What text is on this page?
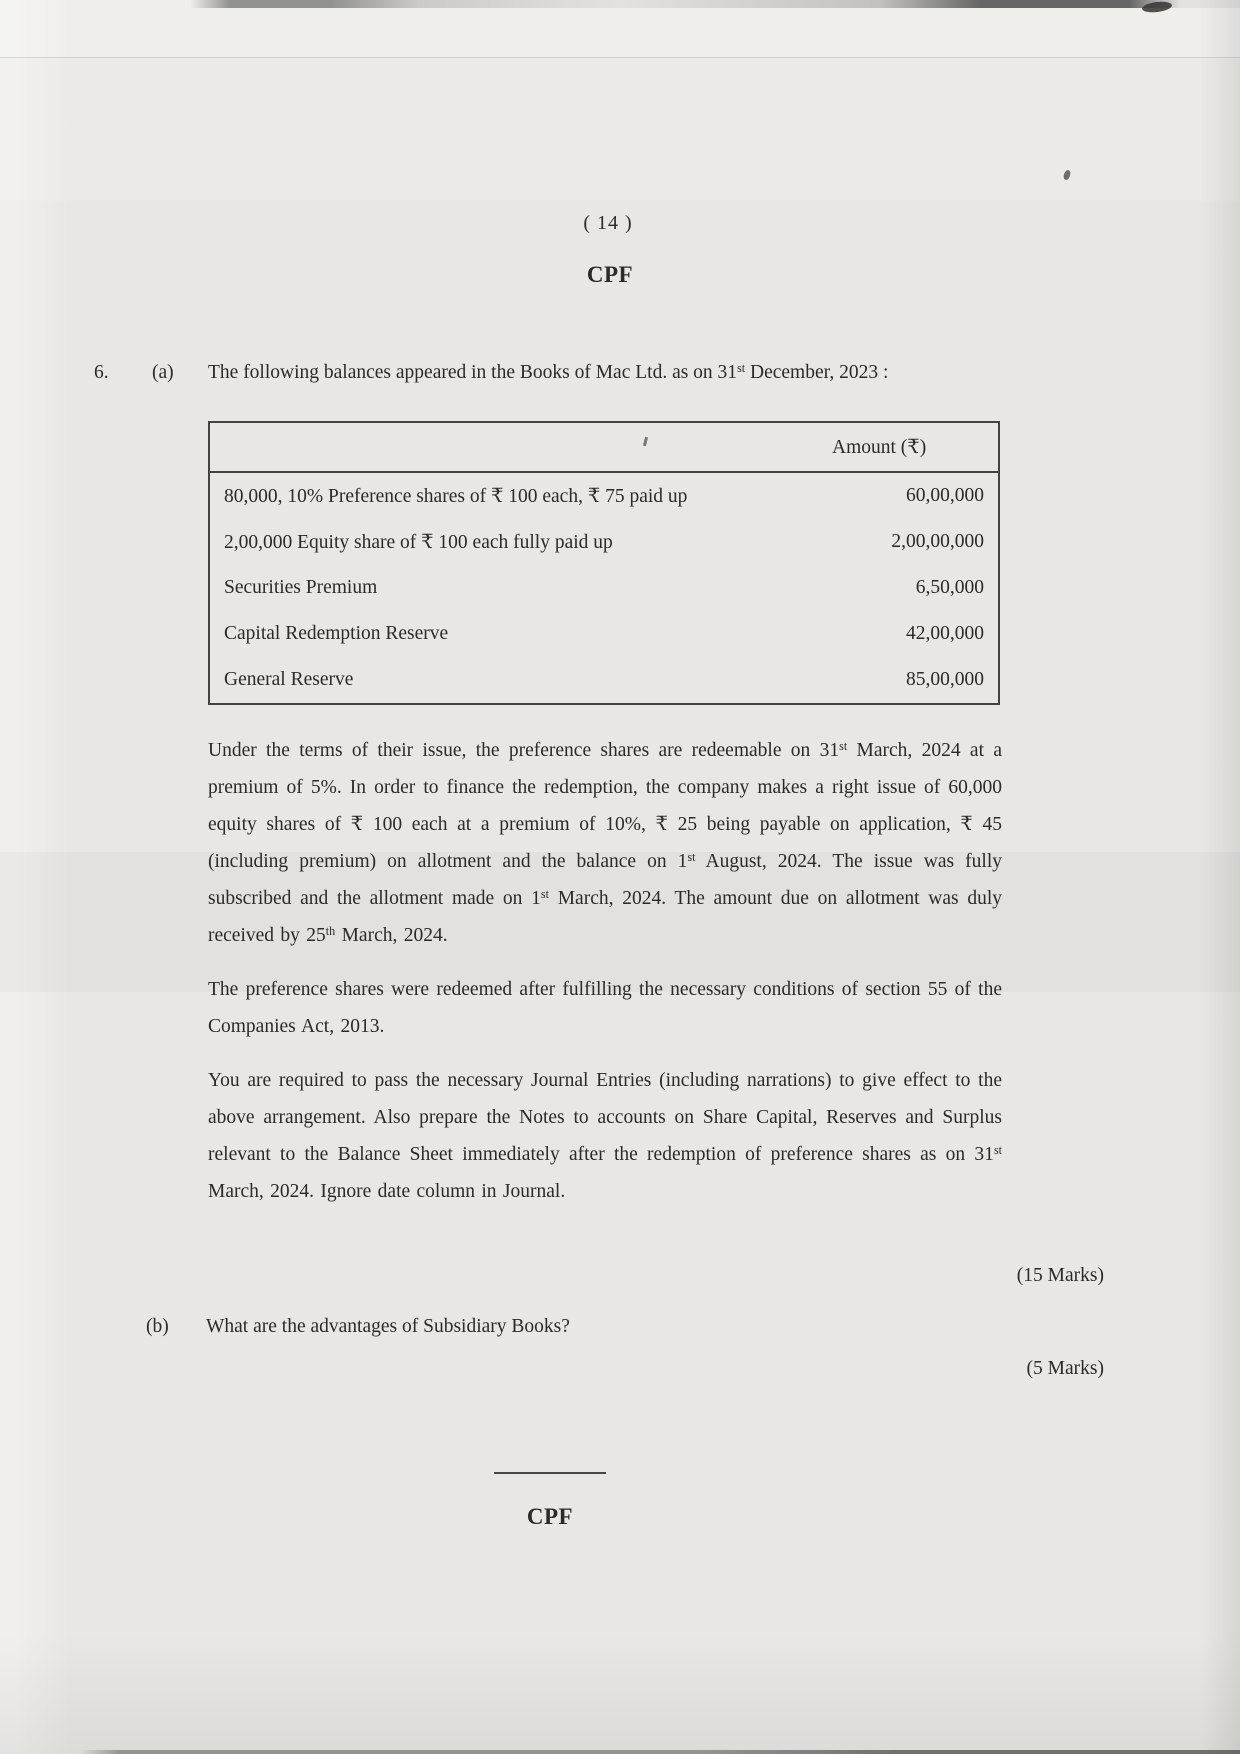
( 14 )
CPF
6.	(a)	The following balances appeared in the Books of Mac Ltd. as on 31st December, 2023 :
	Amount (₹)
80,000, 10% Preference shares of ₹ 100 each, ₹ 75 paid up	60,00,000
2,00,000 Equity share of ₹ 100 each fully paid up	2,00,00,000
Securities Premium	6,50,000
Capital Redemption Reserve	42,00,000
General Reserve	85,00,000

Under the terms of their issue, the preference shares are redeemable on 31st March, 2024 at a premium of 5%. In order to finance the redemption, the company makes a right issue of 60,000 equity shares of ₹ 100 each at a premium of 10%, ₹ 25 being payable on application, ₹ 45 (including premium) on allotment and the balance on 1st August, 2024. The issue was fully subscribed and the allotment made on 1st March, 2024. The amount due on allotment was duly received by 25th March, 2024.

The preference shares were redeemed after fulfilling the necessary conditions of section 55 of the Companies Act, 2013.

You are required to pass the necessary Journal Entries (including narrations) to give effect to the above arrangement. Also prepare the Notes to accounts on Share Capital, Reserves and Surplus relevant to the Balance Sheet immediately after the redemption of preference shares as on 31st March, 2024. Ignore date column in Journal.

(15 Marks)
(b)	What are the advantages of Subsidiary Books?
(5 Marks)
CPF
